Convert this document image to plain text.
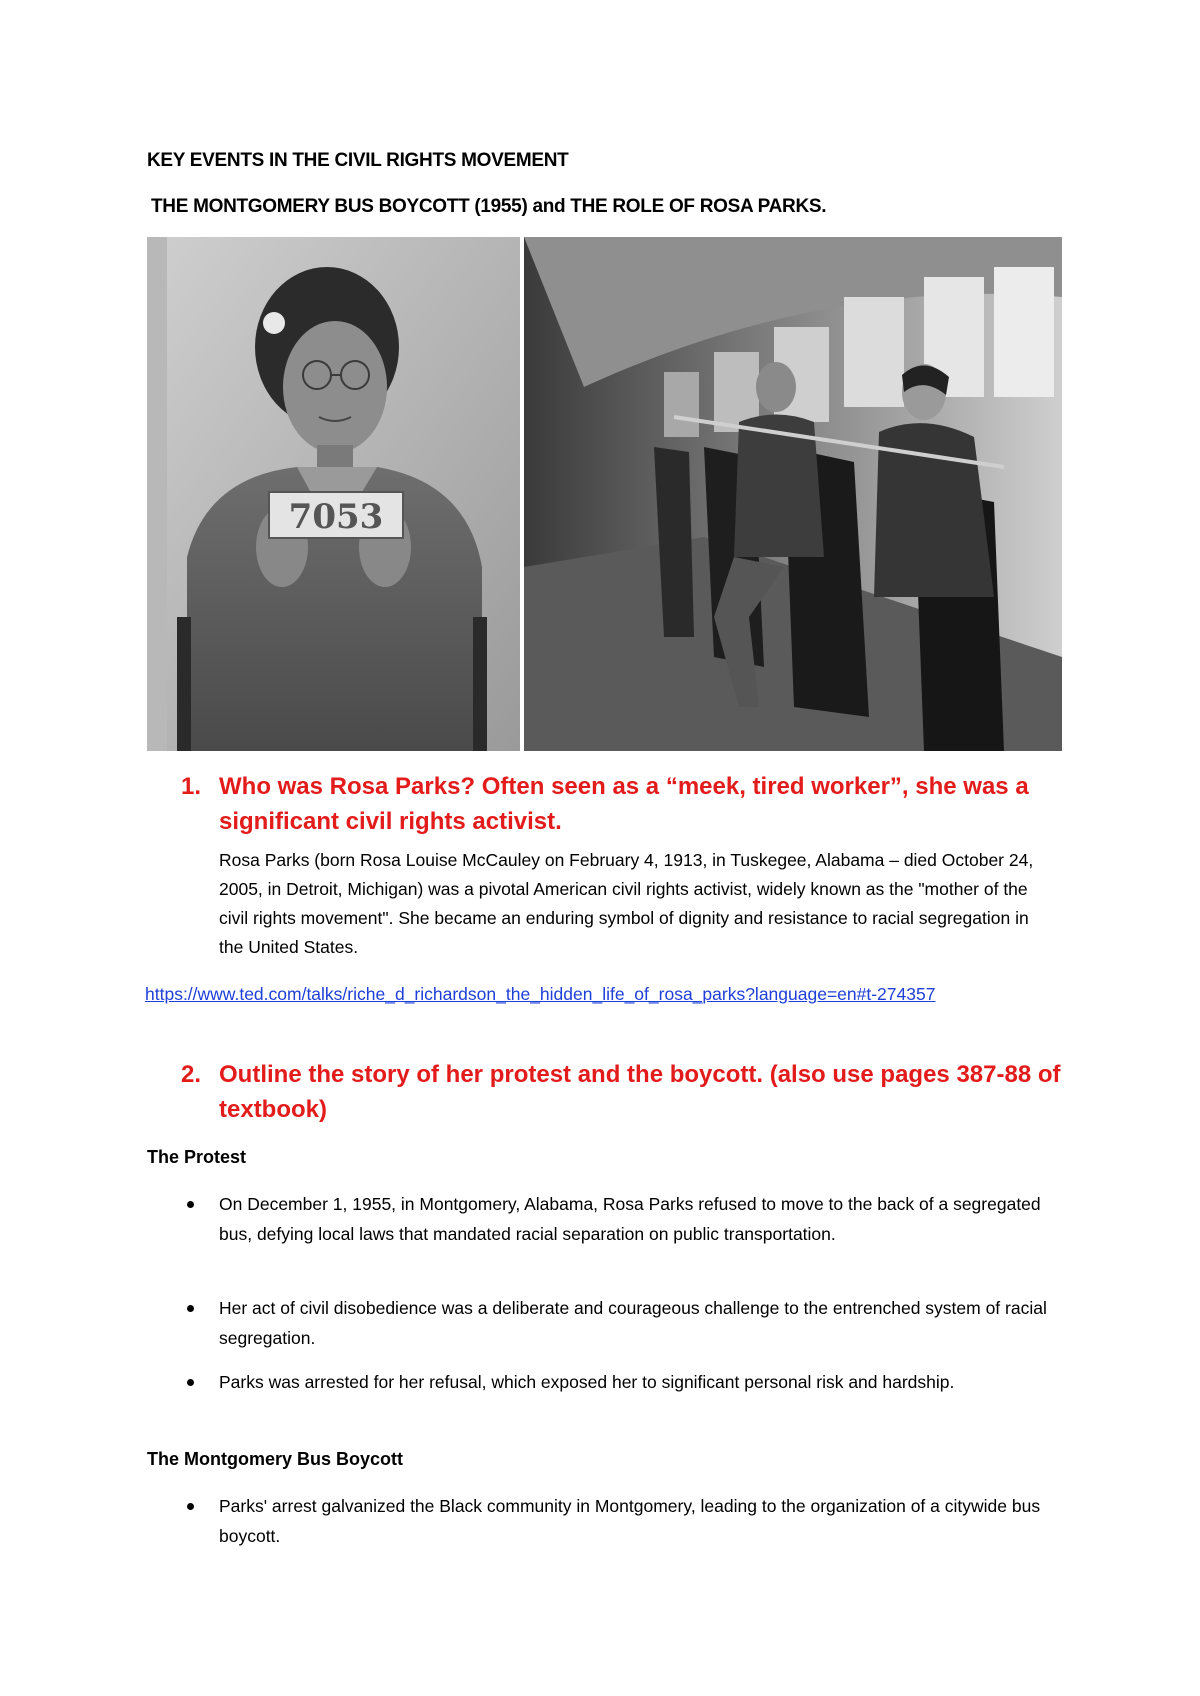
KEY EVENTS IN THE CIVIL RIGHTS MOVEMENT
THE MONTGOMERY BUS BOYCOTT (1955) and THE ROLE OF ROSA PARKS.
7053
1. Who was Rosa Parks? Often seen as a “meek, tired worker”, she was a significant civil rights activist.
Rosa Parks (born Rosa Louise McCauley on February 4, 1913, in Tuskegee, Alabama – died October 24, 2005, in Detroit, Michigan) was a pivotal American civil rights activist, widely known as the "mother of the civil rights movement". She became an enduring symbol of dignity and resistance to racial segregation in the United States.
https://www.ted.com/talks/riche_d_richardson_the_hidden_life_of_rosa_parks?language=en#t-274357
2. Outline the story of her protest and the boycott. (also use pages 387-88 of textbook)
The Protest
On December 1, 1955, in Montgomery, Alabama, Rosa Parks refused to move to the back of a segregated bus, defying local laws that mandated racial separation on public transportation.
Her act of civil disobedience was a deliberate and courageous challenge to the entrenched system of racial segregation.
Parks was arrested for her refusal, which exposed her to significant personal risk and hardship.
The Montgomery Bus Boycott
Parks' arrest galvanized the Black community in Montgomery, leading to the organization of a citywide bus boycott.
